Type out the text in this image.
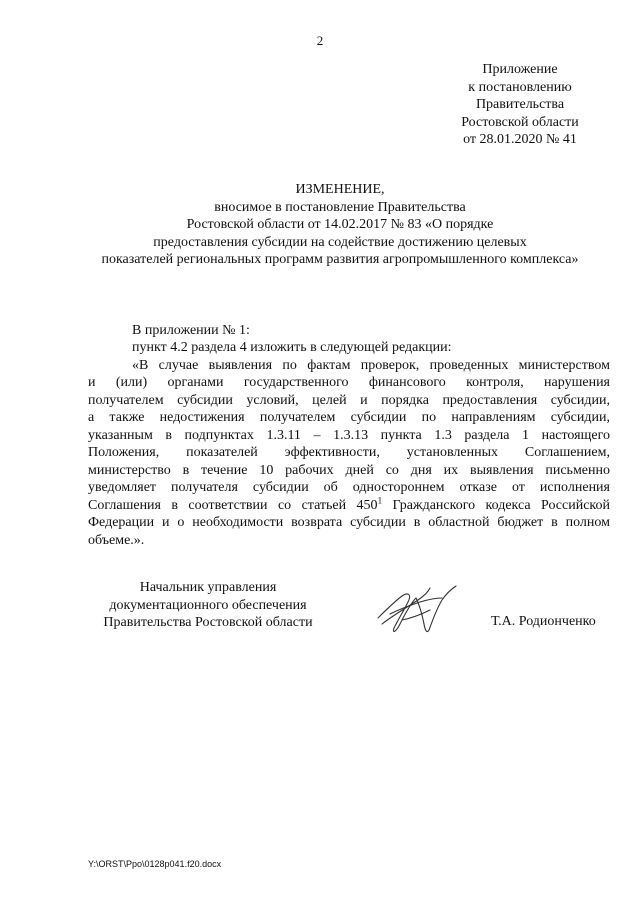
2
Приложение
к постановлению
Правительства
Ростовской области
от 28.01.2020 № 41
ИЗМЕНЕНИЕ,
вносимое в постановление Правительства
Ростовской области от 14.02.2017 № 83 «О порядке
предоставления субсидии на содействие достижению целевых
показателей региональных программ развития агропромышленного комплекса»
В приложении № 1:
пункт 4.2 раздела 4 изложить в следующей редакции:
«В случае выявления по фактам проверок, проведенных министерством
и (или) органами государственного финансового контроля, нарушения
получателем субсидии условий, целей и порядка предоставления субсидии,
а также недостижения получателем субсидии по направлениям субсидии,
указанным в подпунктах 1.3.11 – 1.3.13 пункта 1.3 раздела 1 настоящего
Положения, показателей эффективности, установленных Соглашением,
министерство в течение 10 рабочих дней со дня их выявления письменно
уведомляет получателя субсидии об одностороннем отказе от исполнения
Соглашения в соответствии со статьей $450^1$ Гражданского кодекса Российской
Федерации и о необходимости возврата субсидии в областной бюджет в полном
объеме.».
Начальник управления
документационного обеспечения
Правительства Ростовской области	Т.А. Родионченко
Y:\ORST\Ppo\0128p041.f20.docx
